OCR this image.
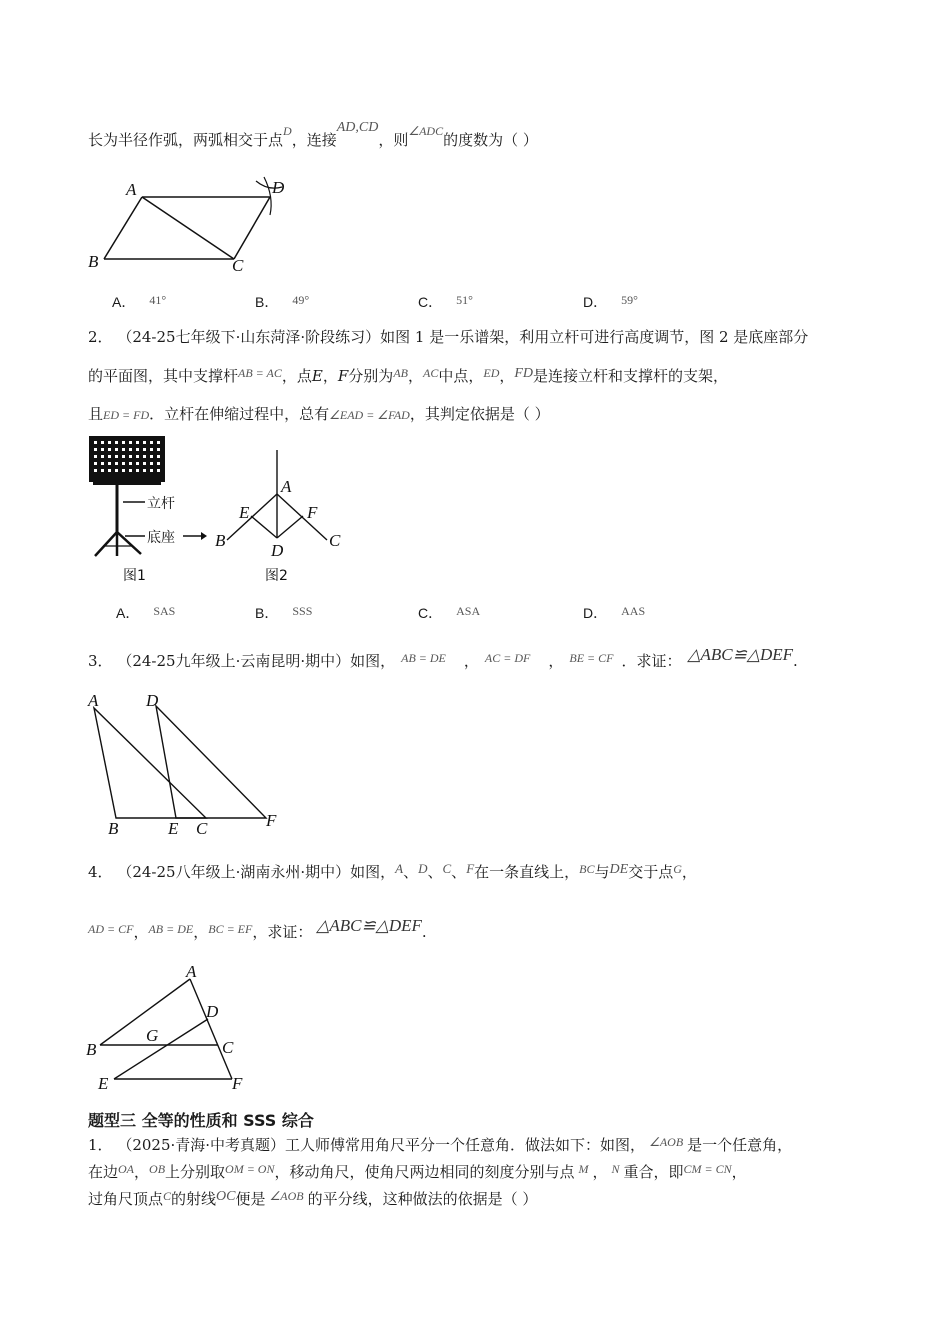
长为半径作弧，两弧相交于点$^D$，连接AD,CD，则$^{\angle ADC}$的度数为（ ）
A
B	C
D
A． 41°	B． 49°	C． 51°	D． 59°
2． （24-25七年级下·山东菏泽·阶段练习）如图 1 是一乐谱架，利用立杆可进行高度调节，图 2 是底座部分
的平面图，其中支撑杆$^{AB = AC}$，点E，F分别为$^{AB}$，$^{AC}$中点，$^{ED}$，FD是连接立杆和支撑杆的支架，
且ED = FD．立杆在伸缩过程中，总有∠EAD = ∠FAD，其判定依据是（ ）
立杆
底座
图1
A
B	C
D
E	F
图2
A． SAS	B． SSS	C． ASA	D． AAS
3． （24-25九年级上·云南昆明·期中）如图， $^{AB = DE}$ ， $^{AC = DF}$ ， $^{BE = CF}$ ．求证： △ABC≌△DEF.
A	D
B	E C	F
4． （24-25八年级上·湖南永州·期中）如图，A、D、C、F在一条直线上，$^{BC}$与DE交于点$^G$，
$^{AD = CF}$，$^{AB = DE}$，$^{BC = EF}$，求证： △ABC≌△DEF.
A
D
B
G
C
E	F
题型三 全等的性质和 SSS 综合
1． （2025·青海·中考真题）工人师傅常用角尺平分一个任意角．做法如下：如图， $^{\angle AOB}$ 是一个任意角，
在边$^{OA}$，$^{OB}$上分别取$^{OM = ON}$，移动角尺，使角尺两边相同的刻度分别与点 $^M$ ， $^N$ 重合，即$^{CM = CN}$，
过角尺顶点$^C$的射线OC便是 $^{\angle AOB}$ 的平分线，这种做法的依据是（ ）
